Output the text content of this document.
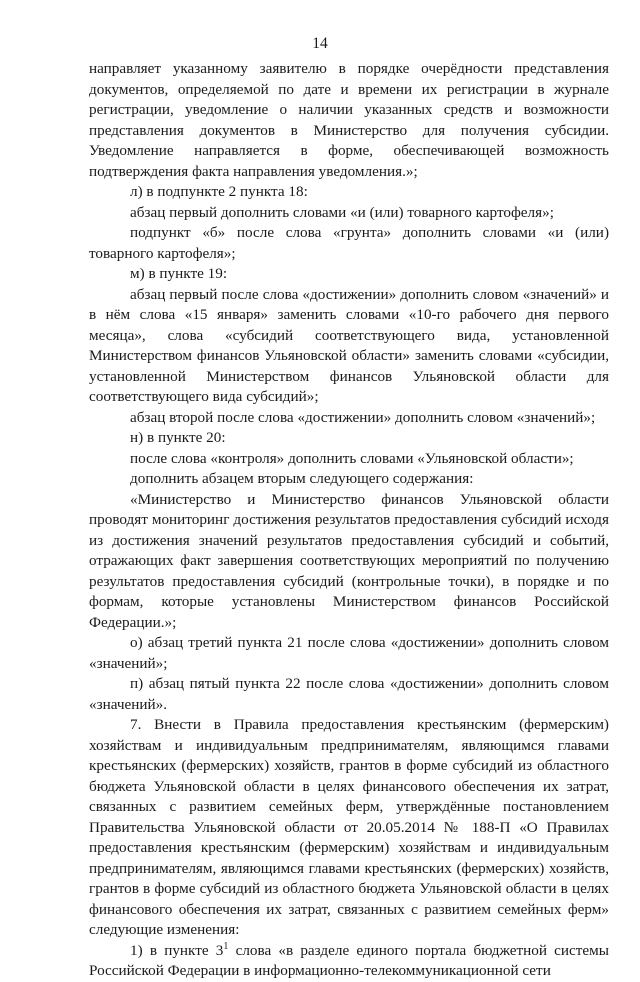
14

направляет указанному заявителю в порядке очерёдности представления документов, определяемой по дате и времени их регистрации в журнале регистрации, уведомление о наличии указанных средств и возможности представления документов в Министерство для получения субсидии. Уведомление направляется в форме, обеспечивающей возможность подтверждения факта направления уведомления.»;

л) в подпункте 2 пункта 18:

абзац первый дополнить словами «и (или) товарного картофеля»;

подпункт «б» после слова «грунта» дополнить словами «и (или) товарного картофеля»;

м) в пункте 19:

абзац первый после слова «достижении» дополнить словом «значений» и в нём слова «15 января» заменить словами «10-го рабочего дня первого месяца», слова «субсидий соответствующего вида, установленной Министерством финансов Ульяновской области» заменить словами «субсидии, установленной Министерством финансов Ульяновской области для соответствующего вида субсидий»;

абзац второй после слова «достижении» дополнить словом «значений»;

н) в пункте 20:

после слова «контроля» дополнить словами «Ульяновской области»;

дополнить абзацем вторым следующего содержания:

«Министерство и Министерство финансов Ульяновской области проводят мониторинг достижения результатов предоставления субсидий исходя из достижения значений результатов предоставления субсидий и событий, отражающих факт завершения соответствующих мероприятий по получению результатов предоставления субсидий (контрольные точки), в порядке и по формам, которые установлены Министерством финансов Российской Федерации.»;

о) абзац третий пункта 21 после слова «достижении» дополнить словом «значений»;

п) абзац пятый пункта 22 после слова «достижении» дополнить словом «значений».

7. Внести в Правила предоставления крестьянским (фермерским) хозяйствам и индивидуальным предпринимателям, являющимся главами крестьянских (фермерских) хозяйств, грантов в форме субсидий из областного бюджета Ульяновской области в целях финансового обеспечения их затрат, связанных с развитием семейных ферм, утверждённые постановлением Правительства Ульяновской области от 20.05.2014 № 188-П «О Правилах предоставления крестьянским (фермерским) хозяйствам и индивидуальным предпринимателям, являющимся главами крестьянских (фермерских) хозяйств, грантов в форме субсидий из областного бюджета Ульяновской области в целях финансового обеспечения их затрат, связанных с развитием семейных ферм» следующие изменения:

1) в пункте $3^1$ слова «в разделе единого портала бюджетной системы Российской Федерации в информационно-телекоммуникационной сети
